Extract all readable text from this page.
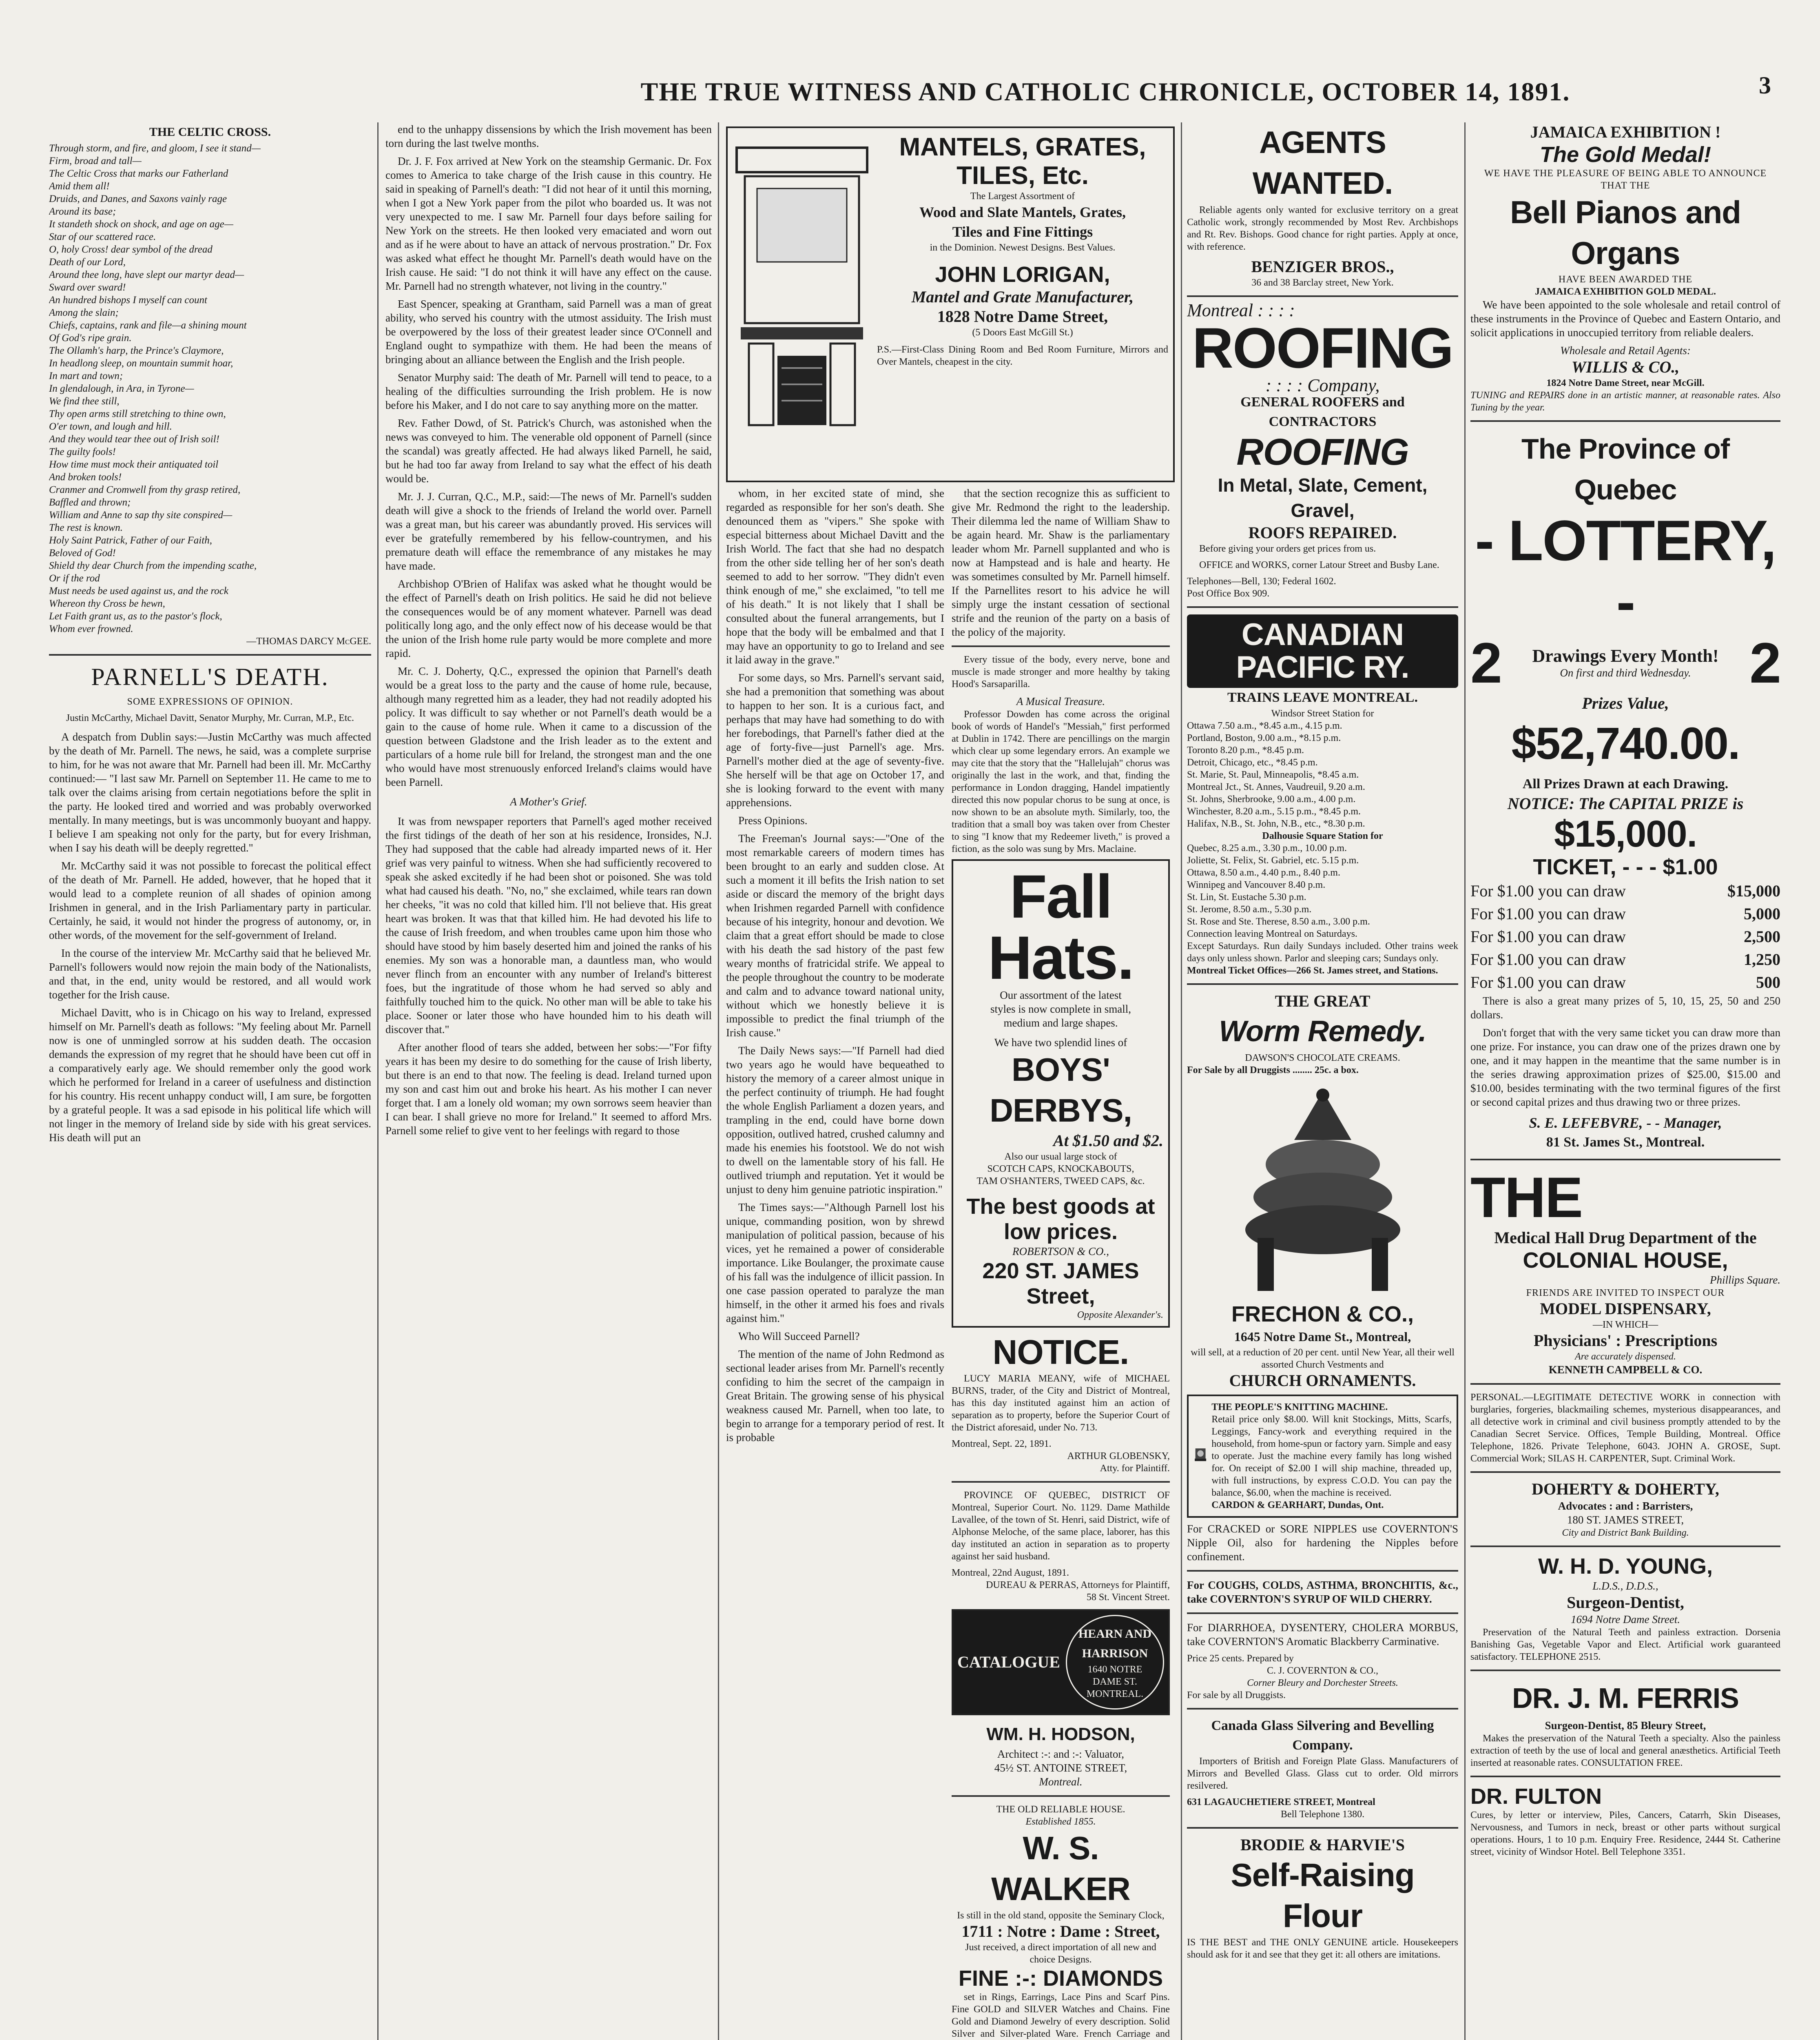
THE TRUE WITNESS AND CATHOLIC CHRONICLE, OCTOBER 14, 1891.	3
THE CELTIC CROSS.
Through storm, and fire, and gloom, I see it stand—
Firm, broad and tall—
The Celtic Cross that marks our Fatherland
Amid them all!
Druids, and Danes, and Saxons vainly rage
Around its base;
It standeth shock on shock, and age on age—
Star of our scattered race.
O, holy Cross! dear symbol of the dread
Death of our Lord,
Around thee long, have slept our martyr dead—
Sward over sward!
An hundred bishops I myself can count
Among the slain;
Chiefs, captains, rank and file—a shining mount
Of God's ripe grain.
The Ollamh's harp, the Prince's Claymore,
In headlong sleep, on mountain summit hoar,
In mart and town;
In glendalough, in Ara, in Tyrone—
We find thee still,
Thy open arms still stretching to thine own,
O'er town, and lough and hill.
And they would tear thee out of Irish soil!
The guilty fools!
How time must mock their antiquated toil
And broken tools!
Cranmer and Cromwell from thy grasp retired,
Baffled and thrown;
William and Anne to sap thy site conspired—
The rest is known.
Holy Saint Patrick, Father of our Faith,
Beloved of God!
Shield thy dear Church from the impending scathe,
Or if the rod
Must needs be used against us, and the rock
Whereon thy Cross be hewn,
Let Faith grant us, as to the pastor's flock,
Whom ever frowned.
—THOMAS DARCY McGEE.
PARNELL'S DEATH.
SOME EXPRESSIONS OF OPINION.
Justin McCarthy, Michael Davitt, Senator Murphy, Mr. Curran, M.P., Etc.

A despatch from Dublin says:—Justin McCarthy was much affected by the death of Mr. Parnell. The news, he said, was a complete surprise to him, for he was not aware that Mr. Parnell had been ill. Mr. McCarthy continued:— "I last saw Mr. Parnell on September 11. He came to me to talk over the claims arising from certain negotiations before the split in the party. He looked tired and worried and was probably overworked mentally. In many meetings, but is was uncommonly buoyant and happy. I believe I am speaking not only for the party, but for every Irishman, when I say his death will be deeply regretted."

Mr. McCarthy said it was not possible to forecast the political effect of the death of Mr. Parnell. He added, however, that he hoped that it would lead to a complete reunion of all shades of opinion among Irishmen in general, and in the Irish Parliamentary party in particular. Certainly, he said, it would not hinder the progress of autonomy, or, in other words, of the movement for the self-government of Ireland.

In the course of the interview Mr. McCarthy said that he believed Mr. Parnell's followers would now rejoin the main body of the Nationalists, and that, in the end, unity would be restored, and all would work together for the Irish cause.

Michael Davitt, who is in Chicago on his way to Ireland, expressed himself on Mr. Parnell's death as follows: "My feeling about Mr. Parnell now is one of unmingled sorrow at his sudden death. The occasion demands the expression of my regret that he should have been cut off in a comparatively early age. We should remember only the good work which he performed for Ireland in a career of usefulness and distinction for his country. His recent unhappy conduct will, I am sure, be forgotten by a grateful people. It was a sad episode in his political life which will not linger in the memory of Ireland side by side with his great services. His death will put an

end to the unhappy dissensions by which the Irish movement has been torn during the last twelve months.

Dr. J. F. Fox arrived at New York on the steamship Germanic. Dr. Fox comes to America to take charge of the Irish cause in this country. He said in speaking of Parnell's death: "I did not hear of it until this morning, when I got a New York paper from the pilot who boarded us. It was not very unexpected to me. I saw Mr. Parnell four days before sailing for New York on the streets. He then looked very emaciated and worn out and as if he were about to have an attack of nervous prostration." Dr. Fox was asked what effect he thought Mr. Parnell's death would have on the Irish cause. He said: "I do not think it will have any effect on the cause. Mr. Parnell had no strength whatever, not living in the country."

East Spencer, speaking at Grantham, said Parnell was a man of great ability, who served his country with the utmost assiduity. The Irish must be overpowered by the loss of their greatest leader since O'Connell and England ought to sympathize with them. He had been the means of bringing about an alliance between the English and the Irish people.

Senator Murphy said: The death of Mr. Parnell will tend to peace, to a healing of the difficulties surrounding the Irish problem. He is now before his Maker, and I do not care to say anything more on the matter.

Rev. Father Dowd, of St. Patrick's Church, was astonished when the news was conveyed to him. The venerable old opponent of Parnell (since the scandal) was greatly affected. He had always liked Parnell, he said, but he had too far away from Ireland to say what the effect of his death would be.

Mr. J. J. Curran, Q.C., M.P., said:—The news of Mr. Parnell's sudden death will give a shock to the friends of Ireland the world over. Parnell was a great man, but his career was abundantly proved. His services will ever be gratefully remembered by his fellow-countrymen, and his premature death will efface the remembrance of any mistakes he may have made.

Archbishop O'Brien of Halifax was asked what he thought would be the effect of Parnell's death on Irish politics. He said he did not believe the consequences would be of any moment whatever. Parnell was dead politically long ago, and the only effect now of his decease would be that the union of the Irish home rule party would be more complete and more rapid.

Mr. C. J. Doherty, Q.C., expressed the opinion that Parnell's death would be a great loss to the party and the cause of home rule, because, although many regretted him as a leader, they had not readily adopted his policy. It was difficult to say whether or not Parnell's death would be a gain to the cause of home rule. When it came to a discussion of the question between Gladstone and the Irish leader as to the extent and particulars of a home rule bill for Ireland, the strongest man and the one who would have most strenuously enforced Ireland's claims would have been Parnell.

A Mother's Grief.

It was from newspaper reporters that Parnell's aged mother received the first tidings of the death of her son at his residence, Ironsides, N.J. They had supposed that the cable had already imparted news of it. Her grief was very painful to witness. When she had sufficiently recovered to speak she asked excitedly if he had been shot or poisoned. She was told what had caused his death. "No, no," she exclaimed, while tears ran down her cheeks, "it was no cold that killed him. I'll not believe that. His great heart was broken. It was that that killed him. He had devoted his life to the cause of Irish freedom, and when troubles came upon him those who should have stood by him basely deserted him and joined the ranks of his enemies. My son was a honorable man, a dauntless man, who would never flinch from an encounter with any number of Ireland's bitterest foes, but the ingratitude of those whom he had served so ably and faithfully touched him to the quick. No other man will be able to take his place. Sooner or later those who have hounded him to his death will discover that."

After another flood of tears she added, between her sobs:—"For fifty years it has been my desire to do something for the cause of Irish liberty, but there is an end to that now. The feeling is dead. Ireland turned upon my son and cast him out and broke his heart. As his mother I can never forget that. I am a lonely old woman; my own sorrows seem heavier than I can bear. I shall grieve no more for Ireland." It seemed to afford Mrs. Parnell some relief to give vent to her feelings with regard to those

MANTELS, GRATES, TILES, Etc.
The Largest Assortment of
Wood and Slate Mantels, Grates,
Tiles and Fine Fittings
in the Dominion. Newest Designs. Best Values.
JOHN LORIGAN,
Mantel and Grate Manufacturer,
1828 Notre Dame Street,
(5 Doors East McGill St.)
P.S.—First-Class Dining Room and Bed Room Furniture, Mirrors and Over Mantels, cheapest in the city.

whom, in her excited state of mind, she regarded as responsible for her son's death. She denounced them as "vipers." She spoke with especial bitterness about Michael Davitt and the Irish World. The fact that she had no despatch from the other side telling her of her son's death seemed to add to her sorrow. "They didn't even think enough of me," she exclaimed, "to tell me of his death." It is not likely that I shall be consulted about the funeral arrangements, but I hope that the body will be embalmed and that I may have an opportunity to go to Ireland and see it laid away in the grave."

For some days, so Mrs. Parnell's servant said, she had a premonition that something was about to happen to her son. It is a curious fact, and perhaps that may have had something to do with her forebodings, that Parnell's father died at the age of forty-five—just Parnell's age. Mrs. Parnell's mother died at the age of seventy-five. She herself will be that age on October 17, and she is looking forward to the event with many apprehensions.

Press Opinions.

The Freeman's Journal says:—"One of the most remarkable careers of modern times has been brought to an early and sudden close. At such a moment it ill befits the Irish nation to set aside or discard the memory of the bright days when Irishmen regarded Parnell with confidence because of his integrity, honour and devotion. We claim that a great effort should be made to close with his death the sad history of the past few weary months of fratricidal strife. We appeal to the people throughout the country to be moderate and calm and to advance toward national unity, without which we honestly believe it is impossible to predict the final triumph of the Irish cause."

The Daily News says:—"If Parnell had died two years ago he would have bequeathed to history the memory of a career almost unique in the perfect continuity of triumph. He had fought the whole English Parliament a dozen years, and trampling in the end, could have borne down opposition, outlived hatred, crushed calumny and made his enemies his footstool. We do not wish to dwell on the lamentable story of his fall. He outlived triumph and reputation. Yet it would be unjust to deny him genuine patriotic inspiration."

The Times says:—"Although Parnell lost his unique, commanding position, won by shrewd manipulation of political passion, because of his vices, yet he remained a power of considerable importance. Like Boulanger, the proximate cause of his fall was the indulgence of illicit passion. In one case passion operated to paralyze the man himself, in the other it armed his foes and rivals against him."

Who Will Succeed Parnell?

The mention of the name of John Redmond as sectional leader arises from Mr. Parnell's recently confiding to him the secret of the campaign in Great Britain. The growing sense of his physical weakness caused Mr. Parnell, when too late, to begin to arrange for a temporary period of rest. It is probable

that the section recognize this as sufficient to give Mr. Redmond the right to the leadership. Their dilemma led the name of William Shaw to be again heard. Mr. Shaw is the parliamentary leader whom Mr. Parnell supplanted and who is now at Hampstead and is hale and hearty. He was sometimes consulted by Mr. Parnell himself. If the Parnellites resort to his advice he will simply urge the instant cessation of sectional strife and the reunion of the party on a basis of the policy of the majority.

Every tissue of the body, every nerve, bone and muscle is made stronger and more healthy by taking Hood's Sarsaparilla.

A Musical Treasure.

Professor Dowden has come across the original book of words of Handel's "Messiah," first performed at Dublin in 1742. There are pencillings on the margin which clear up some legendary errors. An example we may cite that the story that the "Hallelujah" chorus was originally the last in the work, and that, finding the performance in London dragging, Handel impatiently directed this now popular chorus to be sung at once, is now shown to be an absolute myth. Similarly, too, the tradition that a small boy was taken over from Chester to sing "I know that my Redeemer liveth," is proved a fiction, as the solo was sung by Mrs. Maclaine.

Fall Hats.
Our assortment of the latest
styles is now complete in small,
medium and large shapes.
We have two splendid lines of
BOYS' DERBYS,
At $1.50 and $2.
Also our usual large stock of
SCOTCH CAPS, KNOCKABOUTS,
TAM O'SHANTERS, TWEED CAPS, &c.
The best goods at low prices.
ROBERTSON & CO.,
220 ST. JAMES Street,
Opposite Alexander's.
NOTICE.

LUCY MARIA MEANY, wife of MICHAEL BURNS, trader, of the City and District of Montreal, has this day instituted against him an action of separation as to property, before the Superior Court of the District aforesaid, under No. 713.

Montreal, Sept. 22, 1891.
ARTHUR GLOBENSKY,
Atty. for Plaintiff.

PROVINCE OF QUEBEC, DISTRICT OF Montreal, Superior Court. No. 1129. Dame Mathilde Lavallee, of the town of St. Henri, said District, wife of Alphonse Meloche, of the same place, laborer, has this day instituted an action in separation as to property against her said husband.

Montreal, 22nd August, 1891.
DUREAU & PERRAS, Attorneys for Plaintiff,
58 St. Vincent Street.
CATALOGUE
HEARN AND HARRISON
1640 NOTRE DAME ST. MONTREAL.
WM. H. HODSON,
Architect :-: and :-: Valuator,
45½ ST. ANTOINE STREET,
Montreal.
THE OLD RELIABLE HOUSE.
Established 1855.
W. S. WALKER
Is still in the old stand, opposite the Seminary Clock,
1711 : Notre : Dame : Street,
Just received, a direct importation of all new and choice Designs.
FINE :-: DIAMONDS

set in Rings, Earrings, Lace Pins and Scarf Pins. Fine GOLD and SILVER Watches and Chains. Fine Gold and Diamond Jewelry of every description. Solid Silver and Silver-plated Ware. French Carriage and

AGENTS WANTED.

Reliable agents only wanted for exclusive territory on a great Catholic work, strongly recommended by Most Rev. Archbishops and Rt. Rev. Bishops. Good chance for right parties. Apply at once, with reference.

BENZIGER BROS.,
36 and 38 Barclay street, New York.
Montreal : : : :
ROOFING
: : : : Company,
GENERAL ROOFERS and CONTRACTORS
ROOFING
In Metal, Slate, Cement, Gravel,
ROOFS REPAIRED.

Before giving your orders get prices from us.

OFFICE and WORKS, corner Latour Street and Busby Lane.

Telephones—Bell, 130; Federal 1602.
Post Office Box 909.
CANADIAN
PACIFIC RY.
TRAINS LEAVE MONTREAL.
Windsor Street Station for
Ottawa 7.50 a.m., *8.45 a.m., 4.15 p.m.
Portland, Boston, 9.00 a.m., *8.15 p.m.
Toronto 8.20 p.m., *8.45 p.m.
Detroit, Chicago, etc., *8.45 p.m.
St. Marie, St. Paul, Minneapolis, *8.45 a.m.
Montreal Jct., St. Annes, Vaudreuil, 9.20 a.m.
St. Johns, Sherbrooke, 9.00 a.m., 4.00 p.m.
Winchester, 8.20 a.m., 5.15 p.m., *8.45 p.m.
Halifax, N.B., St. John, N.B., etc., *8.30 p.m.
Dalhousie Square Station for
Quebec, 8.25 a.m., 3.30 p.m., 10.00 p.m.
Joliette, St. Felix, St. Gabriel, etc. 5.15 p.m.
Ottawa, 8.50 a.m., 4.40 p.m., 8.40 p.m.
Winnipeg and Vancouver 8.40 p.m.
St. Lin, St. Eustache 5.30 p.m.
St. Jerome, 8.50 a.m., 5.30 p.m.
St. Rose and Ste. Therese, 8.50 a.m., 3.00 p.m.
Connection leaving Montreal on Saturdays.
Except Saturdays. Run daily Sundays included. Other trains week days only unless shown. Parlor and sleeping cars; Sundays only.
Montreal Ticket Offices—266 St. James street, and Stations.
THE GREAT
Worm Remedy.
DAWSON'S CHOCOLATE CREAMS.
For Sale by all Druggists ........ 25c. a box.
FRECHON & CO.,
1645 Notre Dame St., Montreal,
will sell, at a reduction of 20 per cent. until New Year, all their well assorted Church Vestments and
CHURCH ORNAMENTS.
THE PEOPLE'S KNITTING MACHINE.
Retail price only $8.00. Will knit Stockings, Mitts, Scarfs, Leggings, Fancy-work and everything required in the household, from home-spun or factory yarn. Simple and easy to operate. Just the machine every family has long wished for. On receipt of $2.00 I will ship machine, threaded up, with full instructions, by express C.O.D. You can pay the balance, $6.00, when the machine is received.
CARDON & GEARHART, Dundas, Ont.

For CRACKED or SORE NIPPLES use COVERNTON'S Nipple Oil, also for hardening the Nipples before confinement.

For COUGHS, COLDS, ASTHMA, BRONCHITIS, &c., take COVERNTON'S SYRUP OF WILD CHERRY.

For DIARRHOEA, DYSENTERY, CHOLERA MORBUS, take COVERNTON'S Aromatic Blackberry Carminative.

Price 25 cents. Prepared by
C. J. COVERNTON & CO.,
Corner Bleury and Dorchester Streets.
For sale by all Druggists.
Canada Glass Silvering and Bevelling Company.

Importers of British and Foreign Plate Glass. Manufacturers of Mirrors and Bevelled Glass. Glass cut to order. Old mirrors resilvered.

631 LAGAUCHETIERE STREET, Montreal
Bell Telephone 1380.
BRODIE & HARVIE'S
Self-Raising Flour
IS THE BEST and THE ONLY GENUINE article. Housekeepers should ask for it and see that they get it: all others are imitations.
JAMAICA EXHIBITION !
The Gold Medal!
WE HAVE THE PLEASURE OF BEING ABLE TO ANNOUNCE THAT THE
Bell Pianos and Organs
HAVE BEEN AWARDED THE
JAMAICA EXHIBITION GOLD MEDAL.

We have been appointed to the sole wholesale and retail control of these instruments in the Province of Quebec and Eastern Ontario, and solicit applications in unoccupied territory from reliable dealers.

Wholesale and Retail Agents:
WILLIS & CO.,
1824 Notre Dame Street, near McGill.
TUNING and REPAIRS done in an artistic manner, at reasonable rates. Also Tuning by the year.
The Province of Quebec
- LOTTERY, -
2	Drawings Every Month!
On first and third Wednesday.	2
Prizes Value,
$52,740.00.
All Prizes Drawn at each Drawing.
NOTICE: The CAPITAL PRIZE is
$15,000.
TICKET, - - - $1.00
For $1.00 you can draw	$15,000
For $1.00 you can draw	5,000
For $1.00 you can draw	2,500
For $1.00 you can draw	1,250
For $1.00 you can draw	500

There is also a great many prizes of 5, 10, 15, 25, 50 and 250 dollars.

Don't forget that with the very same ticket you can draw more than one prize. For instance, you can draw one of the prizes drawn one by one, and it may happen in the meantime that the same number is in the series drawing approximation prizes of $25.00, $15.00 and $10.00, besides terminating with the two terminal figures of the first or second capital prizes and thus drawing two or three prizes.

S. E. LEFEBVRE, - - Manager,
81 St. James St., Montreal.
THE
Medical Hall Drug Department of the
COLONIAL HOUSE,
Phillips Square.
FRIENDS ARE INVITED TO INSPECT OUR
MODEL DISPENSARY,
—IN WHICH—
Physicians' : Prescriptions
Are accurately dispensed.
KENNETH CAMPBELL & CO.

PERSONAL.—LEGITIMATE DETECTIVE WORK in connection with burglaries, forgeries, blackmailing schemes, mysterious disappearances, and all detective work in criminal and civil business promptly attended to by the Canadian Secret Service. Offices, Temple Building, Montreal. Office Telephone, 1826. Private Telephone, 6043. JOHN A. GROSE, Supt. Commercial Work; SILAS H. CARPENTER, Supt. Criminal Work.

DOHERTY & DOHERTY,
Advocates : and : Barristers,
180 ST. JAMES STREET,
City and District Bank Building.
W. H. D. YOUNG,
L.D.S., D.D.S.,
Surgeon-Dentist,
1694 Notre Dame Street.

Preservation of the Natural Teeth and painless extraction. Dorsenia Banishing Gas, Vegetable Vapor and Elect. Artificial work guaranteed satisfactory. TELEPHONE 2515.

DR. J. M. FERRIS
Surgeon-Dentist, 85 Bleury Street,

Makes the preservation of the Natural Teeth a specialty. Also the painless extraction of teeth by the use of local and general anæsthetics. Artificial Teeth inserted at reasonable rates. CONSULTATION FREE.

DR. FULTON

Cures, by letter or interview, Piles, Cancers, Catarrh, Skin Diseases, Nervousness, and Tumors in neck, breast or other parts without surgical operations. Hours, 1 to 10 p.m. Enquiry Free. Residence, 2444 St. Catherine street, vicinity of Windsor Hotel. Bell Telephone 3351.
